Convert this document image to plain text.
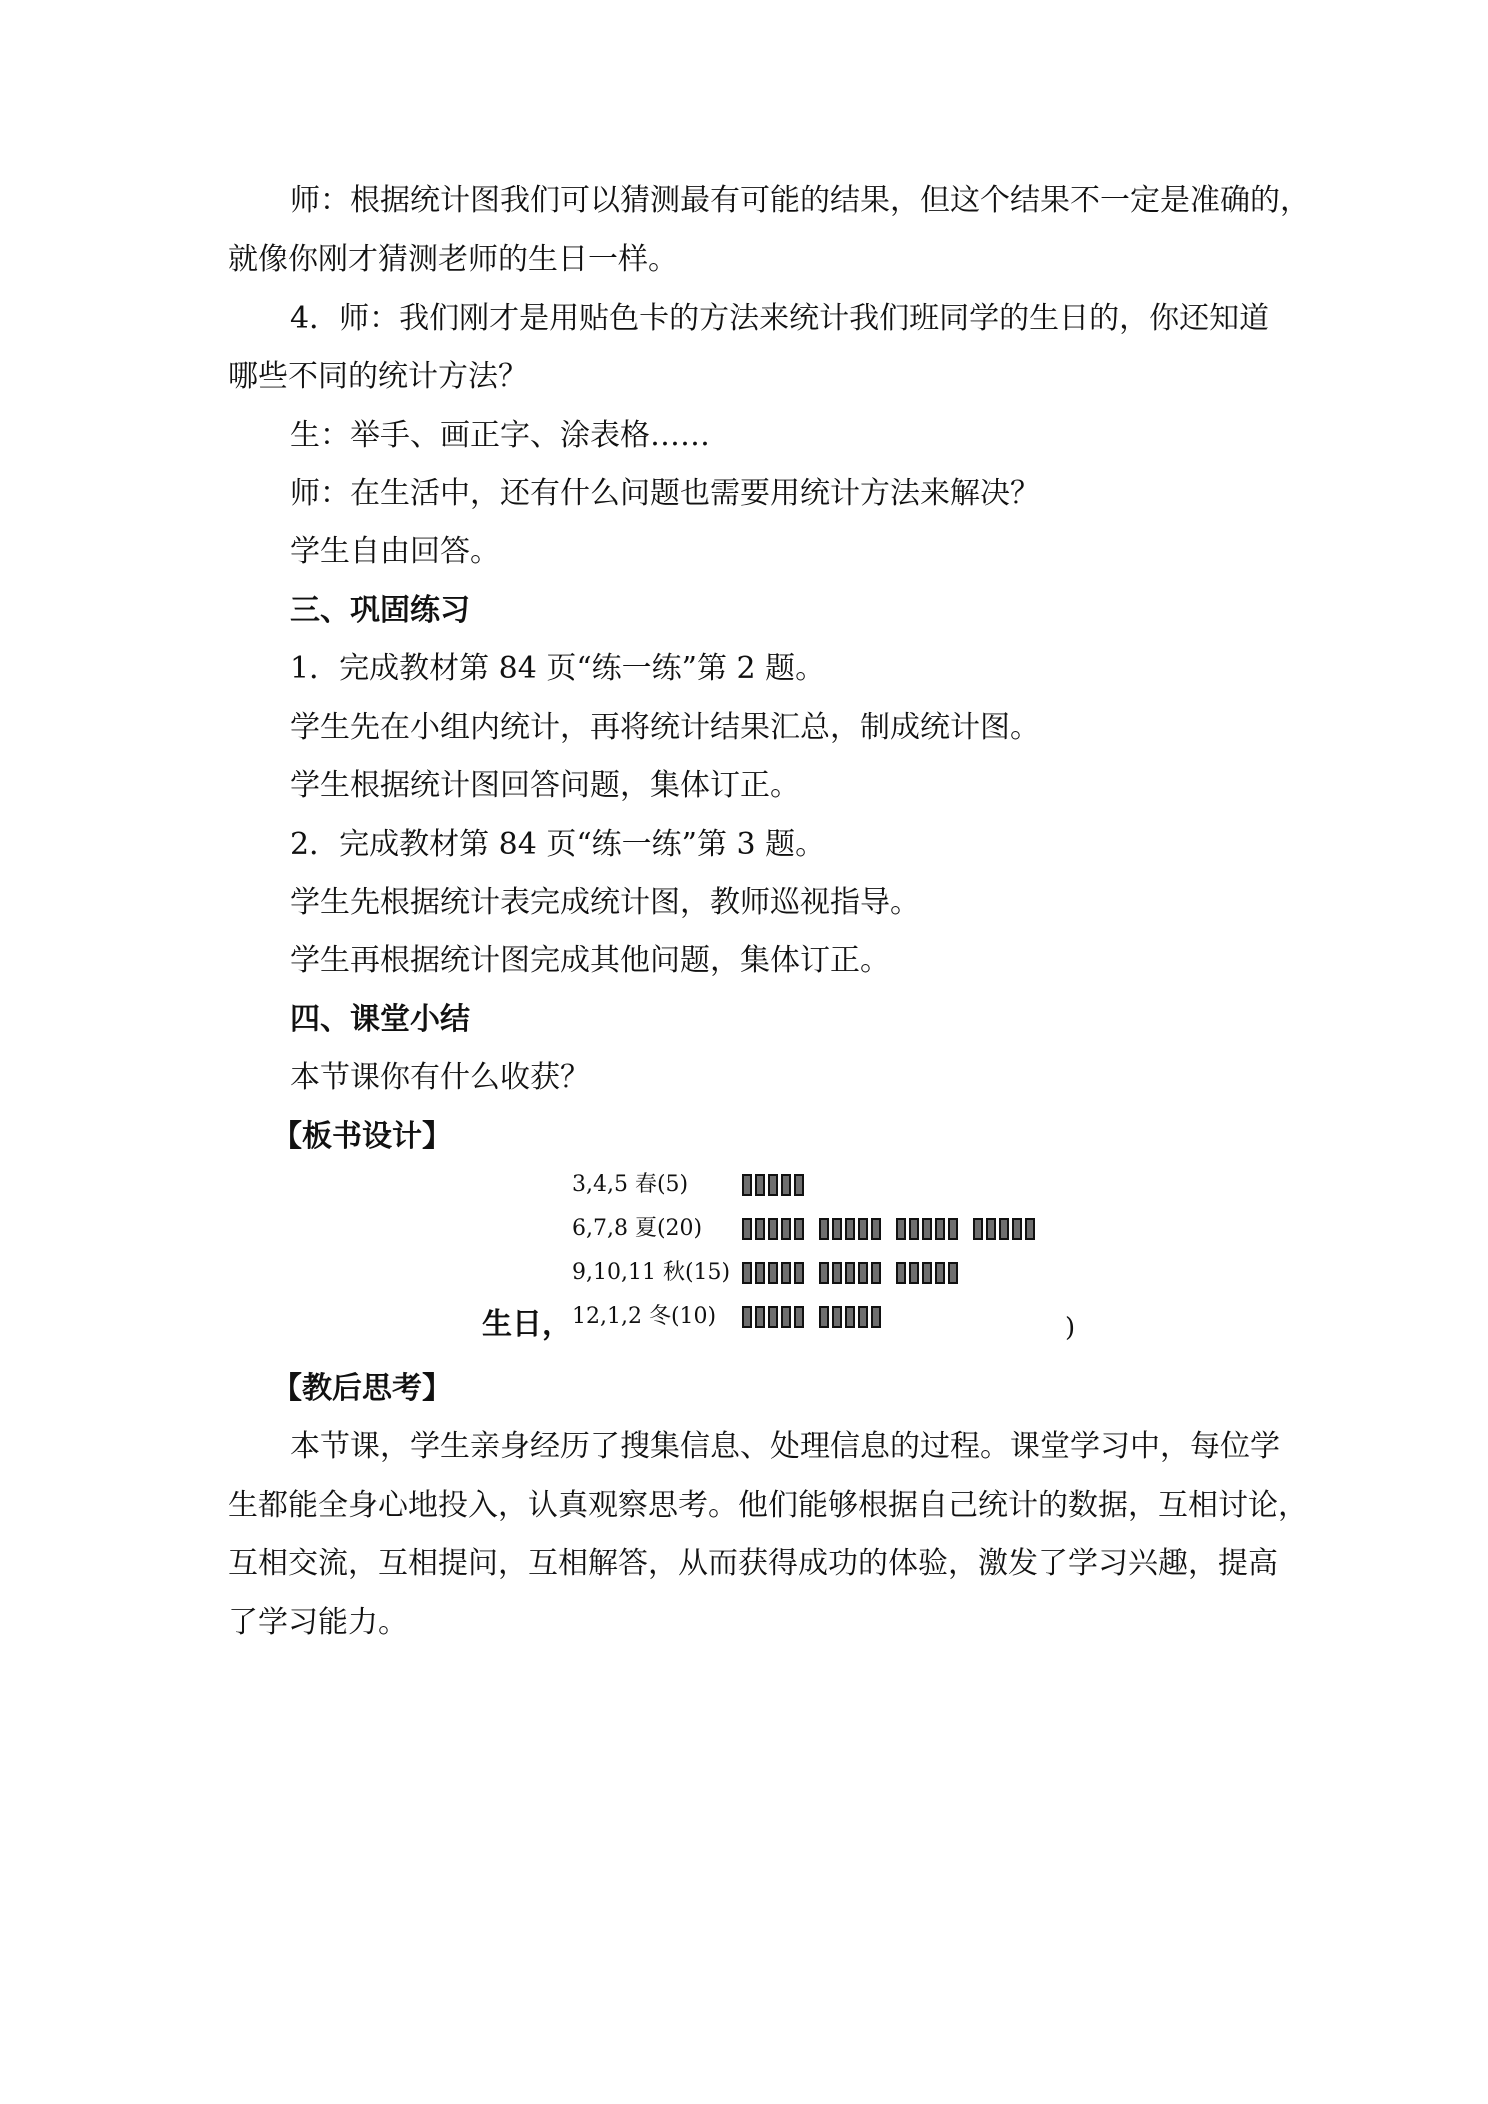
师：根据统计图我们可以猜测最有可能的结果，但这个结果不一定是准确的，
就像你刚才猜测老师的生日一样。
4．师：我们刚才是用贴色卡的方法来统计我们班同学的生日的，你还知道
哪些不同的统计方法？
生：举手、画正字、涂表格……
师：在生活中，还有什么问题也需要用统计方法来解决？
学生自由回答。
三、巩固练习
1．完成教材第 84 页“练一练”第 2 题。
学生先在小组内统计，再将统计结果汇总，制成统计图。
学生根据统计图回答问题，集体订正。
2．完成教材第 84 页“练一练”第 3 题。
学生先根据统计表完成统计图，教师巡视指导。
学生再根据统计图完成其他问题，集体订正。
四、课堂小结
本节课你有什么收获？
【板书设计】
3,4,5 春(5)
6,7,8 夏(20)
9,10,11 秋(15)
12,1,2 冬(10)
生日，	)
【教后思考】
本节课，学生亲身经历了搜集信息、处理信息的过程。课堂学习中，每位学
生都能全身心地投入，认真观察思考。他们能够根据自己统计的数据，互相讨论，
互相交流，互相提问，互相解答，从而获得成功的体验，激发了学习兴趣，提高
了学习能力。
